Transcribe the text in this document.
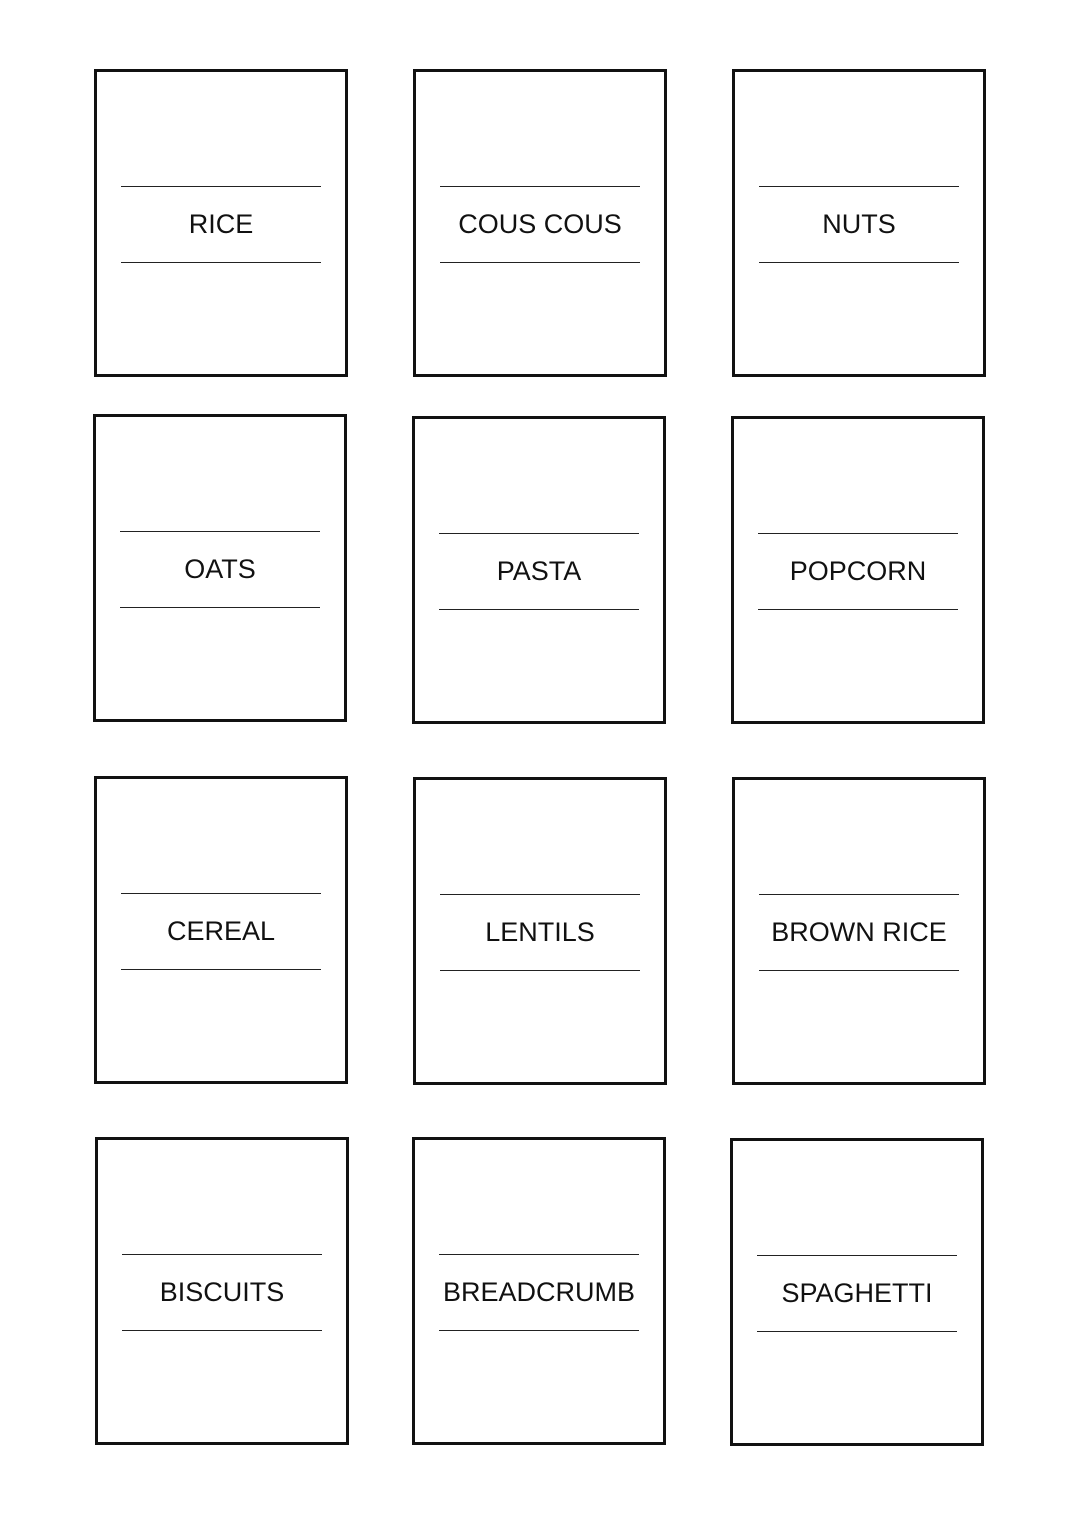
RICE	COUS COUS	NUTS
OATS	PASTA	POPCORN
CEREAL	LENTILS	BROWN RICE
BISCUITS	BREADCRUMB	SPAGHETTI
